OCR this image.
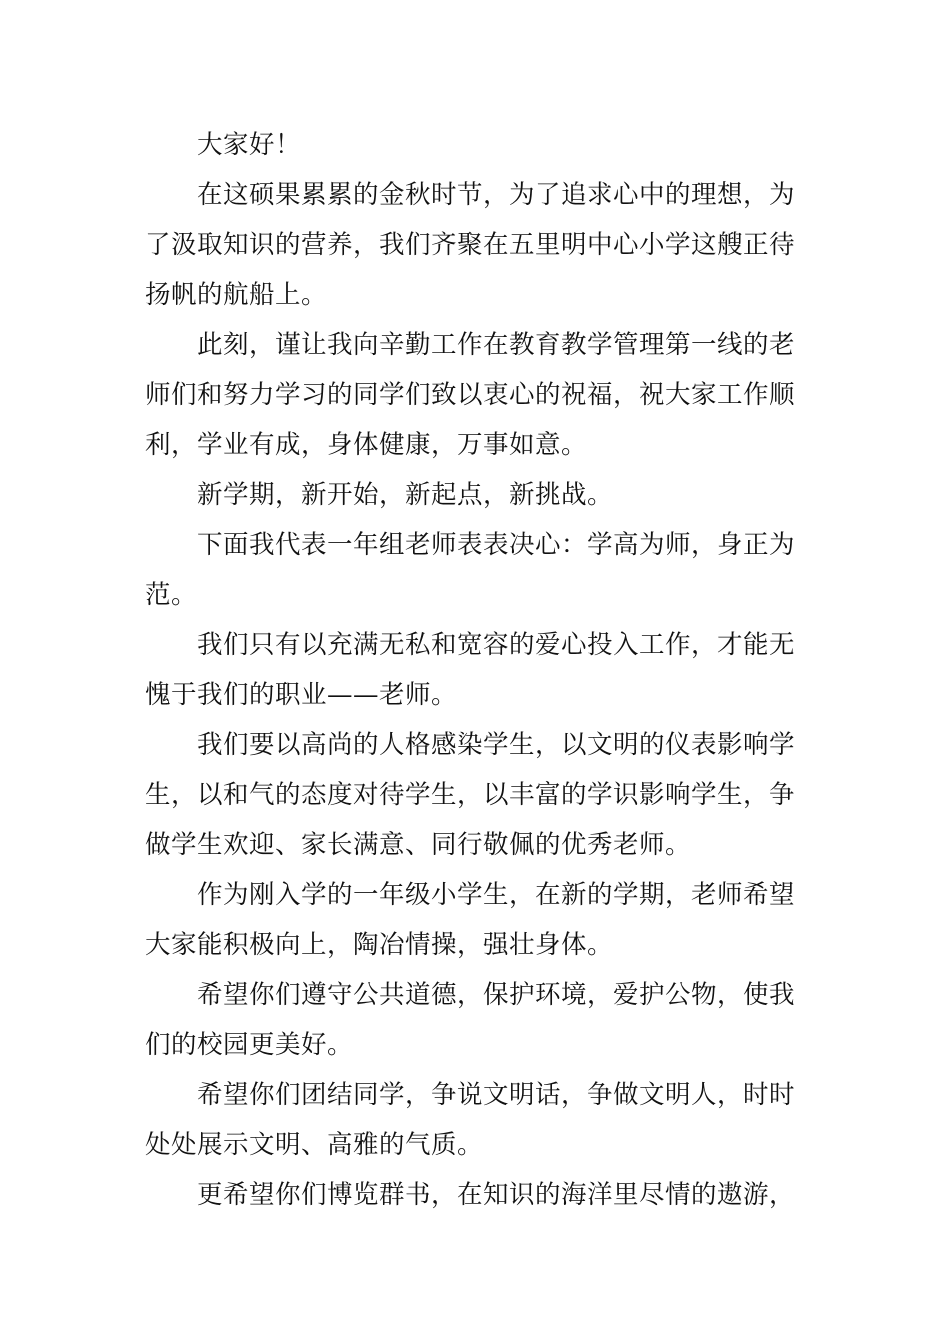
大家好！

在这硕果累累的金秋时节，为了追求心中的理想，为
了汲取知识的营养，我们齐聚在五里明中心小学这艘正待
扬帆的航船上。

此刻，谨让我向辛勤工作在教育教学管理第一线的老
师们和努力学习的同学们致以衷心的祝福，祝大家工作顺
利，学业有成，身体健康，万事如意。

新学期，新开始，新起点，新挑战。

下面我代表一年组老师表表决心：学高为师，身正为
范。

我们只有以充满无私和宽容的爱心投入工作，才能无
愧于我们的职业——老师。

我们要以高尚的人格感染学生，以文明的仪表影响学
生，以和气的态度对待学生，以丰富的学识影响学生，争
做学生欢迎、家长满意、同行敬佩的优秀老师。

作为刚入学的一年级小学生，在新的学期，老师希望
大家能积极向上，陶冶情操，强壮身体。

希望你们遵守公共道德，保护环境，爱护公物，使我
们的校园更美好。

希望你们团结同学，争说文明话，争做文明人，时时
处处展示文明、高雅的气质。

更希望你们博览群书，在知识的海洋里尽情的遨游，
